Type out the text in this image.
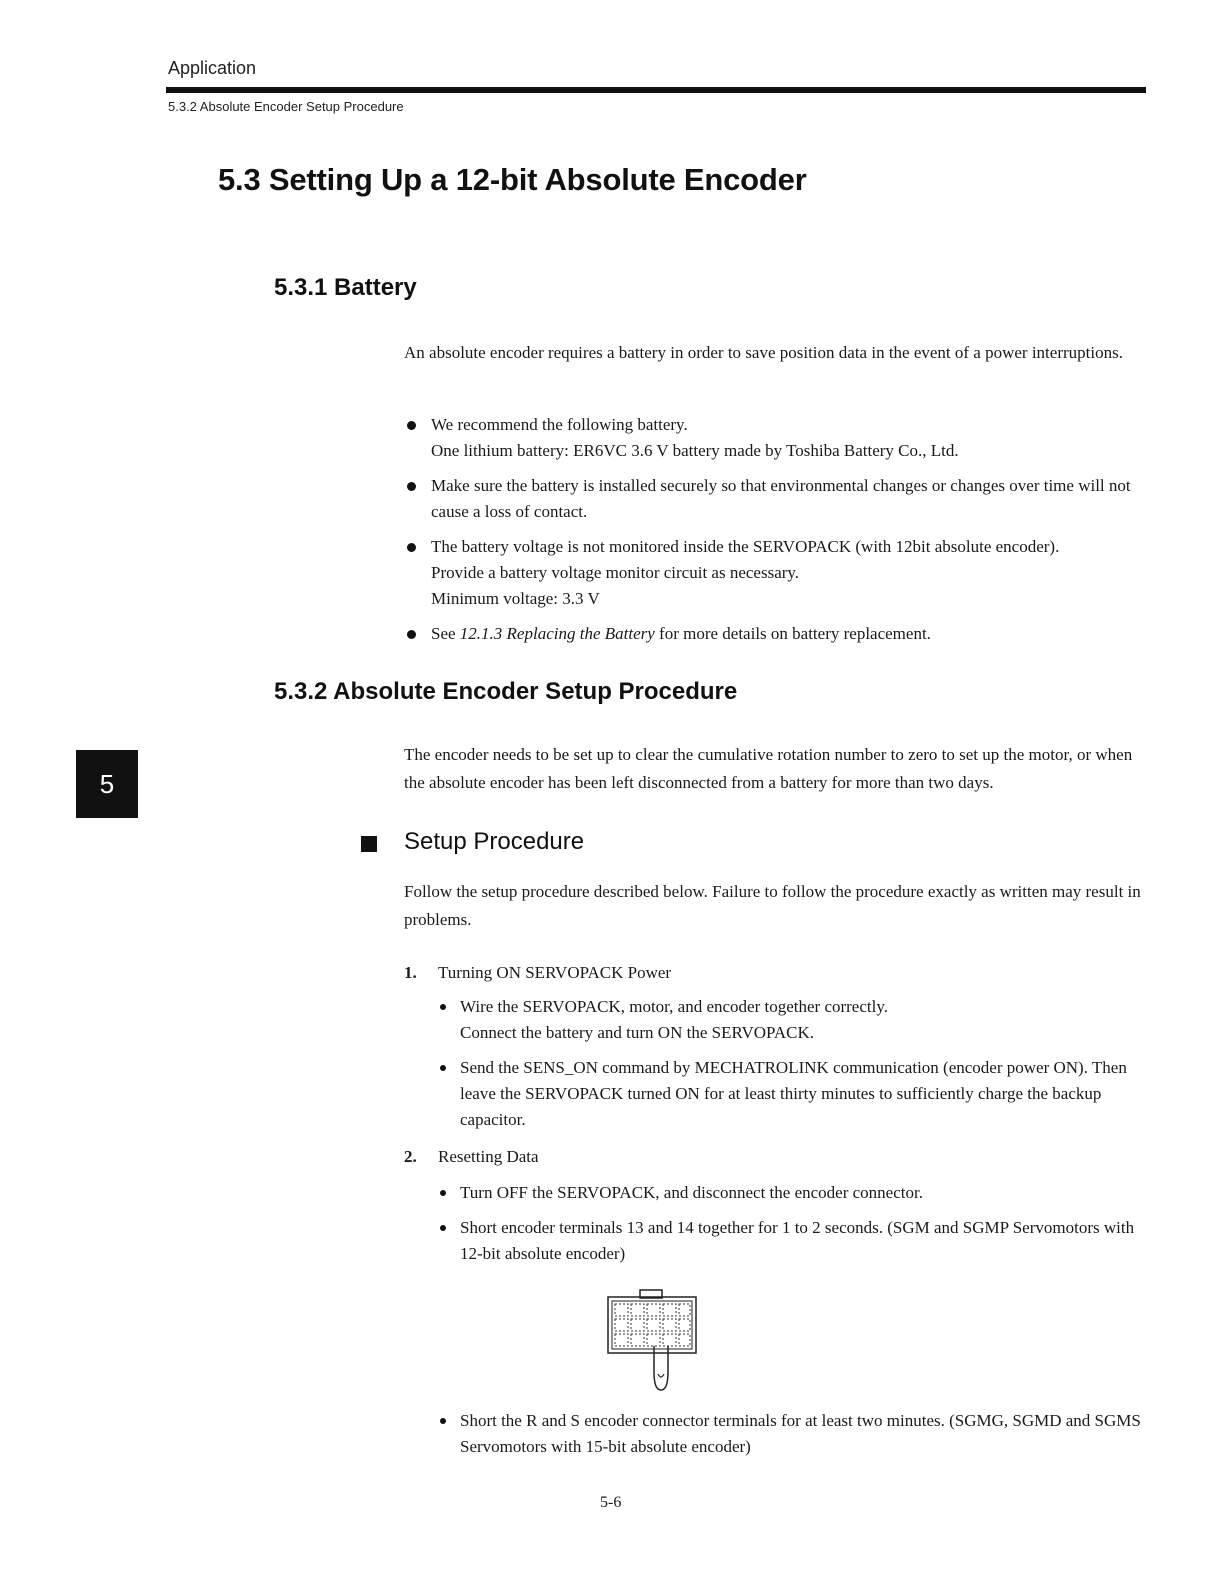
Application
5.3.2 Absolute Encoder Setup Procedure
5
5.3 Setting Up a 12-bit Absolute Encoder
5.3.1 Battery
An absolute encoder requires a battery in order to save position data in the event of a power interruptions.
We recommend the following battery.
One lithium battery: ER6VC 3.6 V battery made by Toshiba Battery Co., Ltd.
Make sure the battery is installed securely so that environmental changes or changes over time will not cause a loss of contact.
The battery voltage is not monitored inside the SERVOPACK (with 12bit absolute encoder).
Provide a battery voltage monitor circuit as necessary.
Minimum voltage: 3.3 V
See 12.1.3 Replacing the Battery for more details on battery replacement.
5.3.2 Absolute Encoder Setup Procedure
The encoder needs to be set up to clear the cumulative rotation number to zero to set up the motor, or when the absolute encoder has been left disconnected from a battery for more than two days.
Setup Procedure
Follow the setup procedure described below. Failure to follow the procedure exactly as written may result in problems.
1. Turning ON SERVOPACK Power
Wire the SERVOPACK, motor, and encoder together correctly.
Connect the battery and turn ON the SERVOPACK.
Send the SENS_ON command by MECHATROLINK communication (encoder power ON). Then leave the SERVOPACK turned ON for at least thirty minutes to sufficiently charge the backup capacitor.
2. Resetting Data
Turn OFF the SERVOPACK, and disconnect the encoder connector.
Short encoder terminals 13 and 14 together for 1 to 2 seconds. (SGM and SGMP Servomotors with 12-bit absolute encoder)
Short the R and S encoder connector terminals for at least two minutes. (SGMG, SGMD and SGMS Servomotors with 15-bit absolute encoder)
5-6
